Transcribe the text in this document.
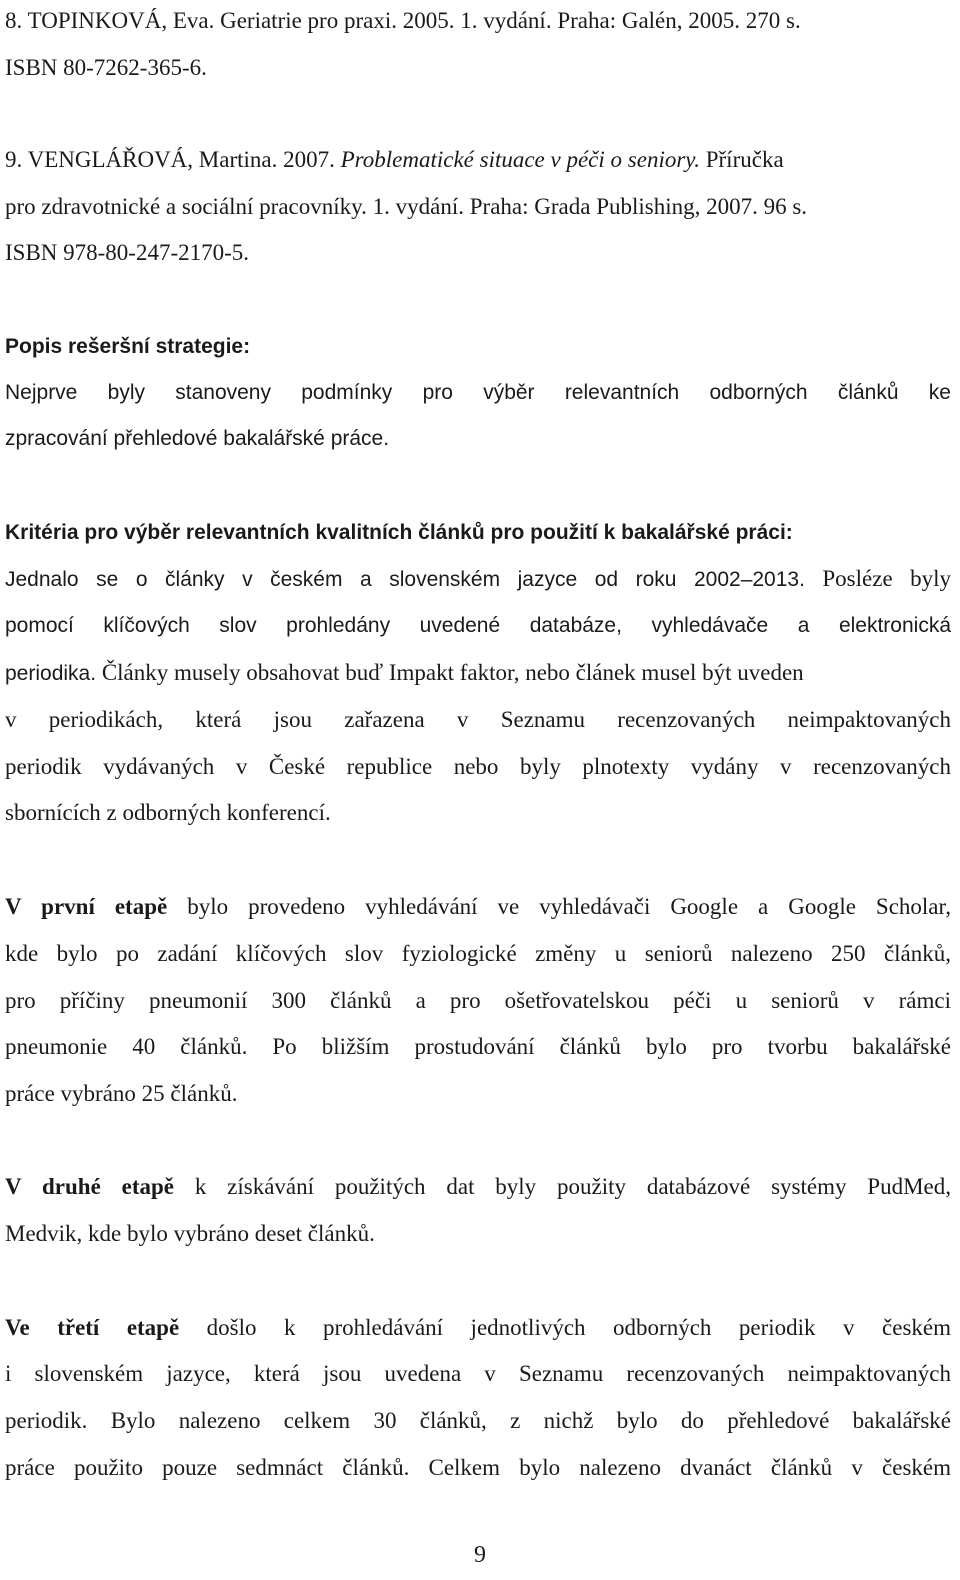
8. TOPINKOVÁ, Eva. Geriatrie pro praxi. 2005. 1. vydání. Praha: Galén, 2005. 270 s.
ISBN 80-7262-365-6.
9. VENGLÁŘOVÁ, Martina. 2007. Problematické situace v péči o seniory. Příručka
pro zdravotnické a sociální pracovníky. 1. vydání. Praha: Grada Publishing, 2007. 96 s.
ISBN 978-80-247-2170-5.
Popis rešeršní strategie:
Nejprve byly stanoveny podmínky pro výběr relevantních odborných článků ke
zpracování přehledové bakalářské práce.
Kritéria pro výběr relevantních kvalitních článků pro použití k bakalářské práci:
Jednalo se o články v českém a slovenském jazyce od roku 2002–2013. Posléze byly
pomocí klíčových slov prohledány uvedené databáze, vyhledávače a elektronická
periodika. Články musely obsahovat buď Impakt faktor, nebo článek musel být uveden
v periodikách, která jsou zařazena v Seznamu recenzovaných neimpaktovaných
periodik vydávaných v České republice nebo byly plnotexty vydány v recenzovaných
sbornících z odborných konferencí.
V první etapě bylo provedeno vyhledávání ve vyhledávači Google a Google Scholar,
kde bylo po zadání klíčových slov fyziologické změny u seniorů nalezeno 250 článků,
pro příčiny pneumonií 300 článků a pro ošetřovatelskou péči u seniorů v rámci
pneumonie 40 článků. Po bližším prostudování článků bylo pro tvorbu bakalářské
práce vybráno 25 článků.
V druhé etapě k získávání použitých dat byly použity databázové systémy PudMed,
Medvik, kde bylo vybráno deset článků.
Ve třetí etapě došlo k prohledávání jednotlivých odborných periodik v českém
i slovenském jazyce, která jsou uvedena v Seznamu recenzovaných neimpaktovaných
periodik. Bylo nalezeno celkem 30 článků, z nichž bylo do přehledové bakalářské
práce použito pouze sedmnáct článků. Celkem bylo nalezeno dvanáct článků v českém
9
